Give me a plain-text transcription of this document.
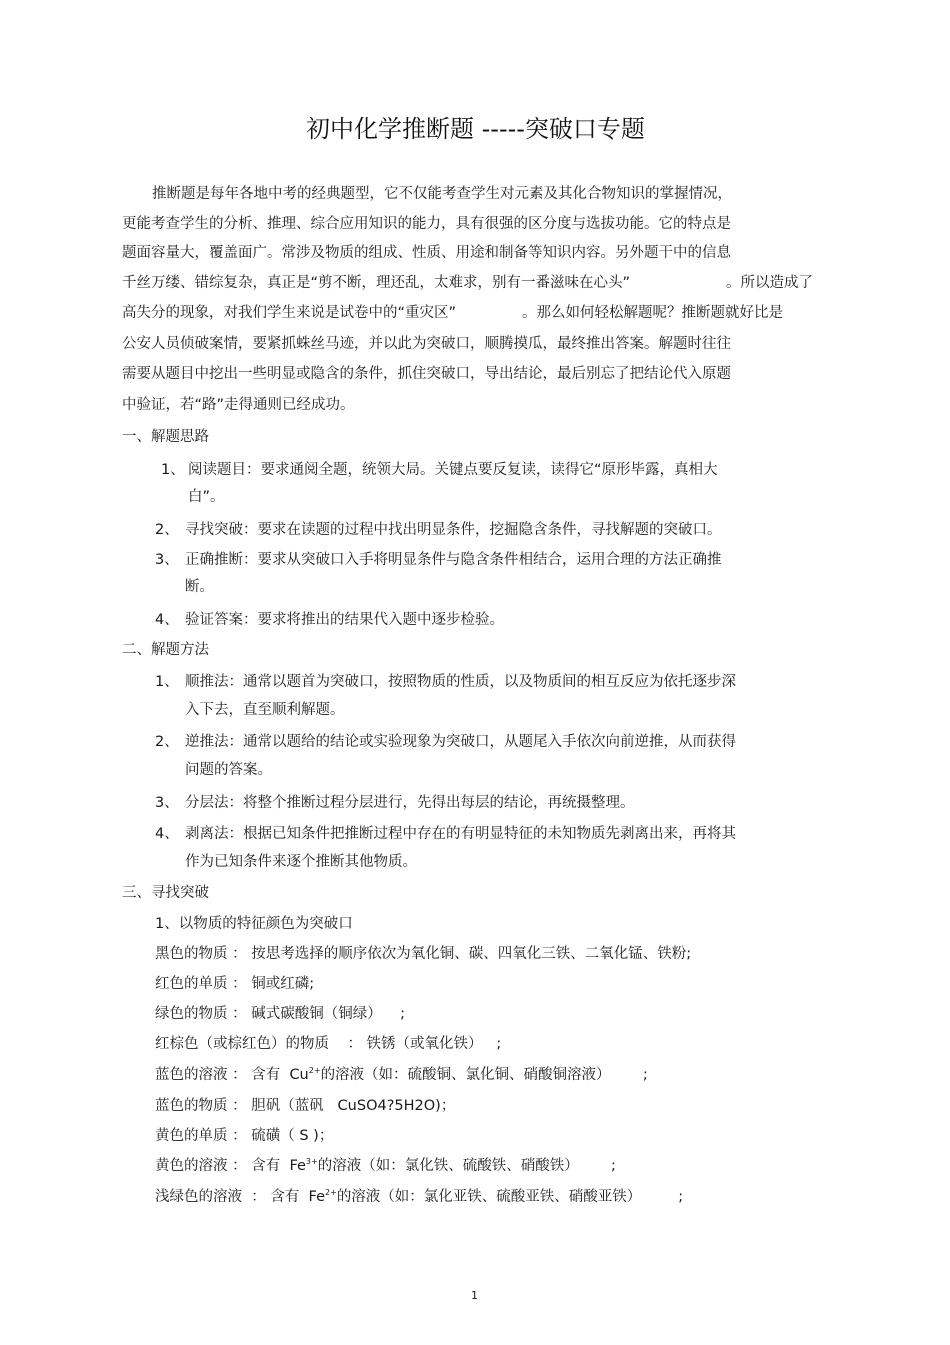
初中化学推断题 -----突破口专题
推断题是每年各地中考的经典题型，它不仅能考查学生对元素及其化合物知识的掌握情况，
更能考查学生的分析、推理、综合应用知识的能力，具有很强的区分度与选拔功能。它的特点是
题面容量大，覆盖面广。常涉及物质的组成、性质、用途和制备等知识内容。另外题干中的信息
千丝万缕、错综复杂，真正是“剪不断，理还乱，太难求，别有一番滋味在心头”	。所以造成了
高失分的现象，对我们学生来说是试卷中的“重灾区”	。那么如何轻松解题呢？推断题就好比是
公安人员侦破案情，要紧抓蛛丝马迹，并以此为突破口，顺腾摸瓜，最终推出答案。解题时往往
需要从题目中挖出一些明显或隐含的条件，抓住突破口，导出结论，最后别忘了把结论代入原题
中验证，若“路”走得通则已经成功。
一、解题思路
1、 阅读题目：要求通阅全题，统领大局。关键点要反复读，读得它“原形毕露，真相大
白”。
2、 寻找突破：要求在读题的过程中找出明显条件，挖掘隐含条件，寻找解题的突破口。
3、 正确推断：要求从突破口入手将明显条件与隐含条件相结合，运用合理的方法正确推
断。
4、 验证答案：要求将推出的结果代入题中逐步检验。
二、解题方法
1、 顺推法：通常以题首为突破口，按照物质的性质，以及物质间的相互反应为依托逐步深
入下去，直至顺利解题。
2、 逆推法：通常以题给的结论或实验现象为突破口，从题尾入手依次向前逆推，从而获得
问题的答案。
3、 分层法：将整个推断过程分层进行，先得出每层的结论，再统摄整理。
4、 剥离法：根据已知条件把推断过程中存在的有明显特征的未知物质先剥离出来，再将其
作为已知条件来逐个推断其他物质。
三、寻找突破
1、以物质的特征颜色为突破口
黑色的物质 ： 按思考选择的顺序依次为氧化铜、碳、四氧化三铁、二氧化锰、铁粉;
红色的单质 ： 铜或红磷;
绿色的物质 ： 碱式碳酸铜（铜绿） ;
红棕色（或棕红色）的物质 ： 铁锈（或氧化铁） ;
蓝色的溶液 ： 含有 $Cu^{2+}$的溶液（如：硫酸铜、氯化铜、硝酸铜溶液） ;
蓝色的物质 ： 胆矾（蓝矾 CuSO4?5H2O)；
黄色的单质 ： 硫磺（ S )；
黄色的溶液 ： 含有 $Fe^{3+}$的溶液（如：氯化铁、硫酸铁、硝酸铁） ;
浅绿色的溶液 ： 含有 $Fe^{2+}$的溶液（如：氯化亚铁、硫酸亚铁、硝酸亚铁）	;
1
